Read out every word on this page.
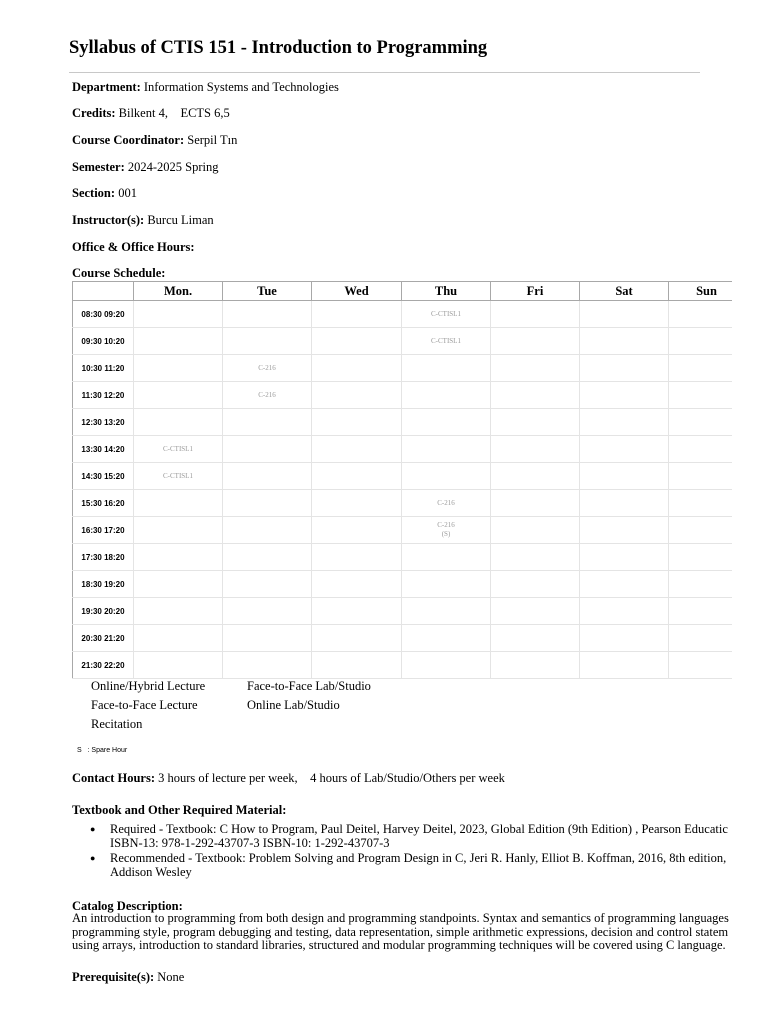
Syllabus of CTIS 151 - Introduction to Programming
Department: Information Systems and Technologies
Credits: Bilkent 4,    ECTS 6,5
Course Coordinator: Serpil Tın
Semester: 2024-2025 Spring
Section: 001
Instructor(s): Burcu Liman
Office & Office Hours:
Course Schedule:
	Mon.	Tue	Wed	Thu	Fri	Sat	Sun
08:30 09:20				C-CTISL1			

09:30 10:20				C-CTISL1			

10:30 11:20		C-216					

11:30 12:20		C-216					

12:30 13:20							
13:30 14:20	C-CTISL1						

14:30 15:20	C-CTISL1						

15:30 16:20				C-216			

16:30 17:20				C-216
(S)			

17:30 18:20							
18:30 19:20							
19:30 20:20							
20:30 21:20							
21:30 22:20							
Online/Hybrid Lecture	Face-to-Face Lab/Studio
Face-to-Face Lecture	Online Lab/Studio
Recitation
S : Spare Hour
Contact Hours: 3 hours of lecture per week,    4 hours of Lab/Studio/Others per week
Textbook and Other Required Material:
● Required - Textbook: C How to Program, Paul Deitel, Harvey Deitel, 2023, Global Edition (9th Edition) , Pearson Educatic
ISBN-13: 978-1-292-43707-3 ISBN-10: 1-292-43707-3
● Recommended - Textbook: Problem Solving and Program Design in C, Jeri R. Hanly, Elliot B. Koffman, 2016, 8th edition,
Addison Wesley
Catalog Description:
An introduction to programming from both design and programming standpoints. Syntax and semantics of programming languages
programming style, program debugging and testing, data representation, simple arithmetic expressions, decision and control statem
using arrays, introduction to standard libraries, structured and modular programming techniques will be covered using C language.
Prerequisite(s): None
